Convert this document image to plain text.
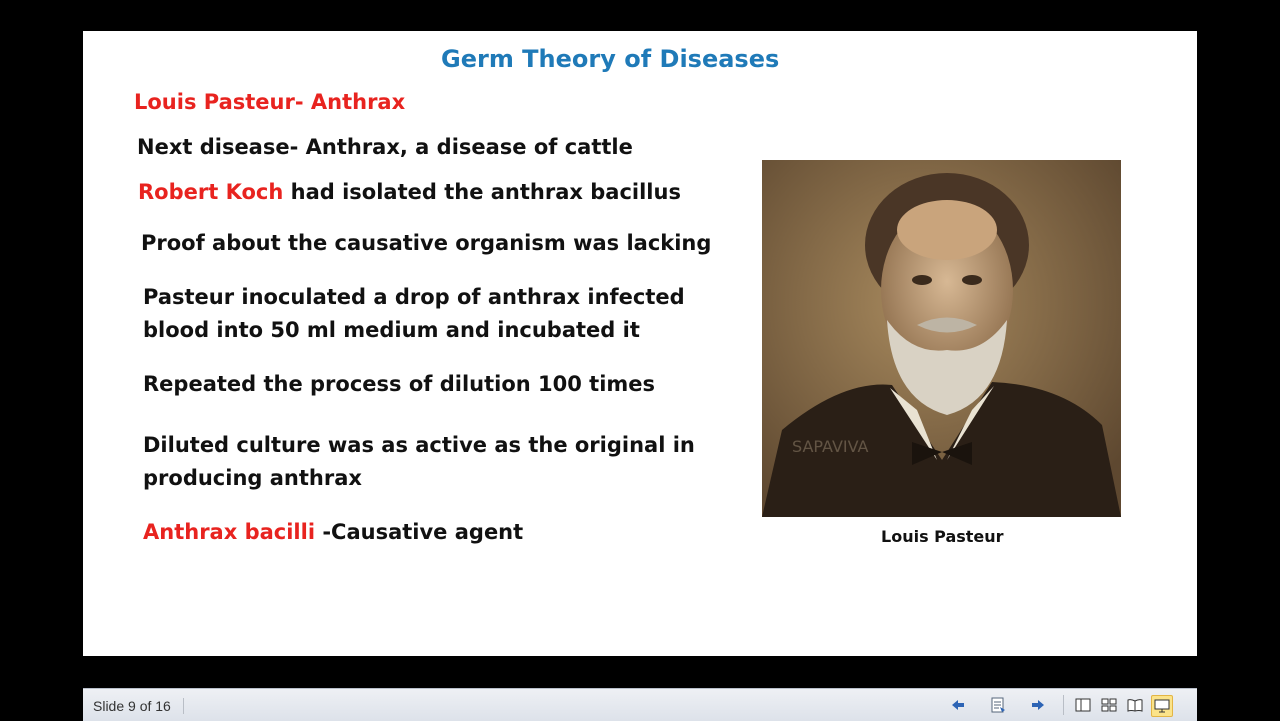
Germ Theory of Diseases
Louis Pasteur- Anthrax
Next disease- Anthrax, a disease of cattle
Robert Koch had isolated the anthrax bacillus
Proof about the causative organism was lacking
Pasteur inoculated a drop of anthrax infected
blood into 50 ml medium and incubated it
Repeated the process of dilution 100 times
Diluted culture was as active as the original in
producing anthrax
Anthrax bacilli -Causative agent
SAPAVIVA
Louis Pasteur
Slide 9 of 16
